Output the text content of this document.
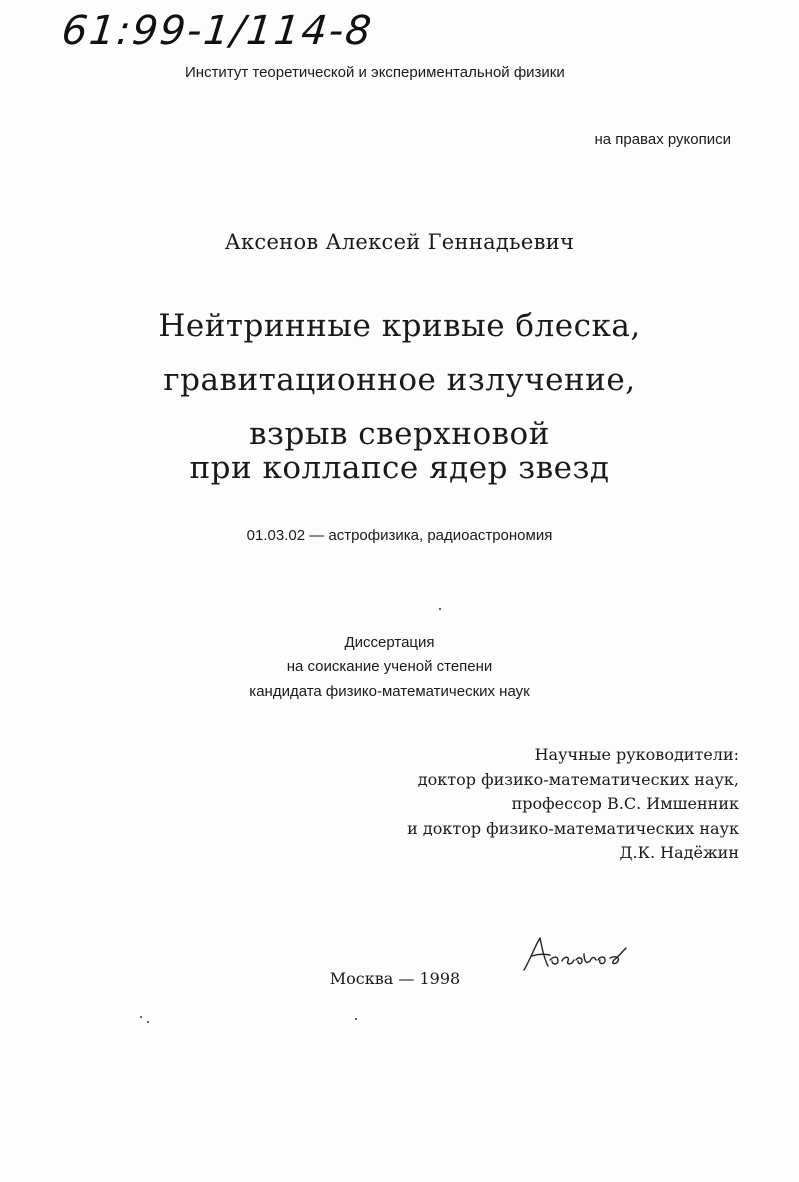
61:99-1/114-8
Институт теоретической и экспериментальной физики
на правах рукописи
Аксенов Алексей Геннадьевич
Нейтринные кривые блеска,
гравитационное излучение,
взрыв сверхновой
при коллапсе ядер звезд
01.03.02 — астрофизика, радиоастрономия
Диссертация
на соискание ученой степени
кандидата физико-математических наук
Научные руководители:
доктор физико-математических наук,
профессор В.С. Имшенник
и доктор физико-математических наук
Д.К. Надёжин
Москва — 1998
